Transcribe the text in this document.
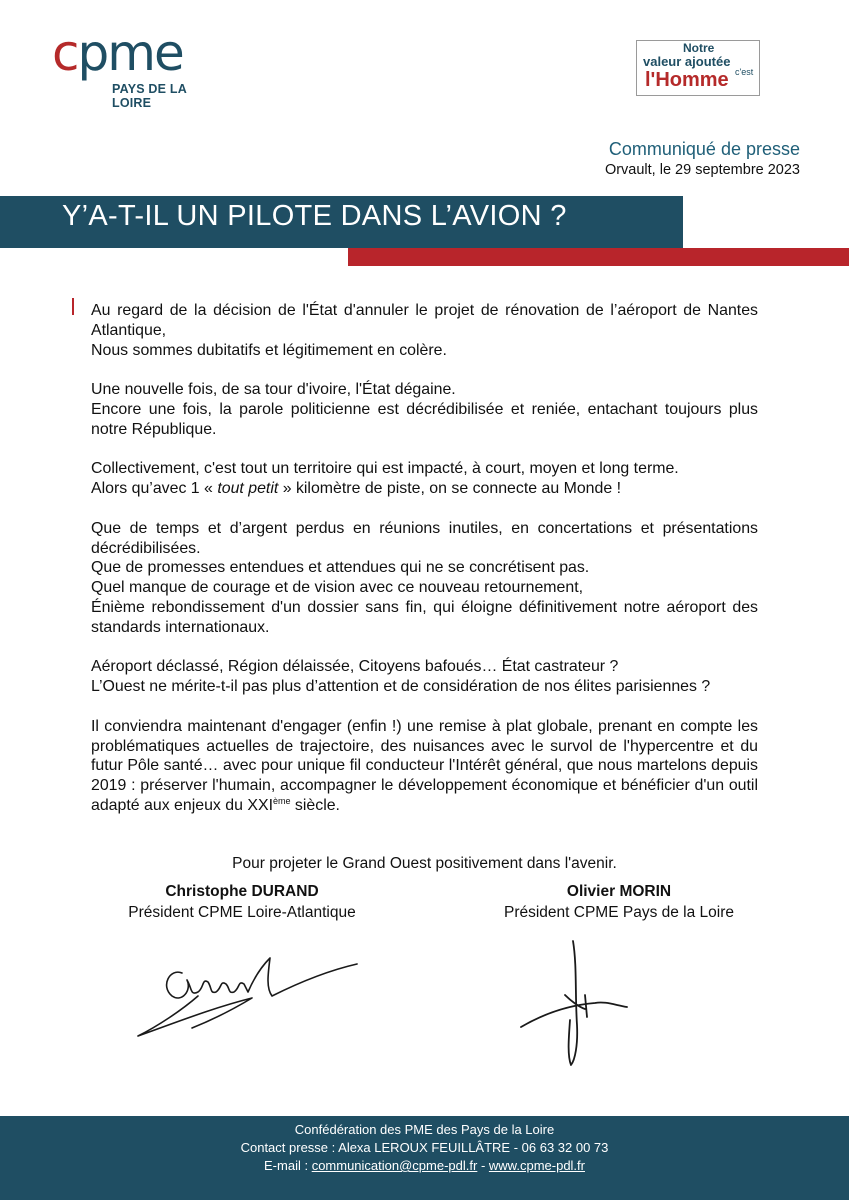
cpme
PAYS DE LA LOIRE
Notre
valeur ajoutée
c'est
l'Homme
Communiqué de presse
Orvault, le 29 septembre 2023
Y’A-T-IL UN PILOTE DANS L’AVION ?

Au regard de la décision de l'État d'annuler le projet de rénovation de l’aéroport de Nantes Atlantique,
Nous sommes dubitatifs et légitimement en colère.

Une nouvelle fois, de sa tour d'ivoire, l'État dégaine.
Encore une fois, la parole politicienne est décrédibilisée et reniée, entachant toujours plus notre République.

Collectivement, c'est tout un territoire qui est impacté, à court, moyen et long terme.
Alors qu’avec 1 « tout petit » kilomètre de piste, on se connecte au Monde !

Que de temps et d’argent perdus en réunions inutiles, en concertations et présentations décrédibilisées.
Que de promesses entendues et attendues qui ne se concrétisent pas.
Quel manque de courage et de vision avec ce nouveau retournement,
Énième rebondissement d'un dossier sans fin, qui éloigne définitivement notre aéroport des standards internationaux.

Aéroport déclassé, Région délaissée, Citoyens bafoués… État castrateur ?
L’Ouest ne mérite-t-il pas plus d’attention et de considération de nos élites parisiennes ?

Il conviendra maintenant d'engager (enfin !) une remise à plat globale, prenant en compte les problématiques actuelles de trajectoire, des nuisances avec le survol de l'hypercentre et du futur Pôle santé… avec pour unique fil conducteur l'Intérêt général, que nous martelons depuis 2019 : préserver l'humain, accompagner le développement économique et bénéficier d'un outil adapté aux enjeux du XXIème siècle.

Pour projeter le Grand Ouest positivement dans l'avenir.
Christophe DURAND
Président CPME Loire-Atlantique
Olivier MORIN
Président CPME Pays de la Loire
Confédération des PME des Pays de la Loire
Contact presse : Alexa LEROUX FEUILLÂTRE - 06 63 32 00 73
E-mail : communication@cpme-pdl.fr - www.cpme-pdl.fr
